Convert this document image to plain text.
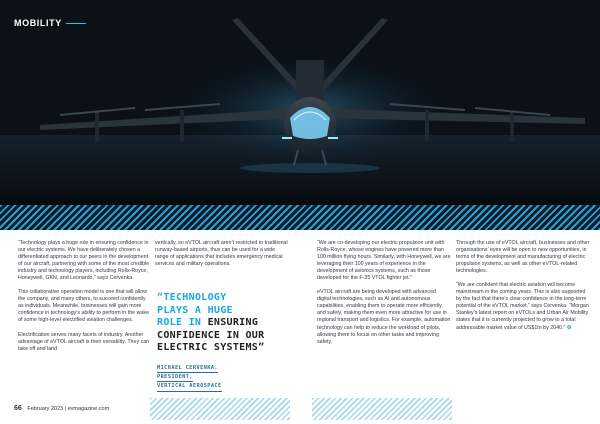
MOBILITY

“Technology plays a huge role in ensuring confidence in our electric systems. We have deliberately chosen a differentiated approach to our peers in the development of our aircraft, partnering with some of the most credible industry and technology players, including Rolls-Royce, Honeywell, GKN, and Leonardo,” says Cervenka.

This collaborative operation model is one that will allow the company, and many others, to succeed confidently as individuals. Meanwhile, businesses will gain more confidence in technology’s ability to perform in the wake of some high-level electrified aviation challenges.

Electrification serves many facets of industry. Another advantage of eVTOL aircraft is their versatility. They can take off and land

vertically, so eVTOL aircraft aren’t restricted to traditional runway-based airports, thus can be used for a wide range of applications that includes emergency medical services and military operations.

“TECHNOLOGY
PLAYS A HUGE
ROLE IN ENSURING
CONFIDENCE IN OUR
ELECTRIC SYSTEMS”
MICHAEL CERVENKA,
PRESIDENT,
VERTICAL AEROSPACE

“We are co-developing our electric propulsion unit with Rolls-Royce, whose engines have powered more than 100 million flying hours. Similarly, with Honeywell, we are leveraging their 100 years of experience in the development of avionics systems, such as those developed for the F-35 VTOL fighter jet.”

eVTOL aircraft are being developed with advanced digital technologies, such as AI and autonomous capabilities, enabling them to operate more efficiently and safely, making them even more attractive for use in regional transport and logistics. For example, automation technology can help to reduce the workload of pilots, allowing them to focus on other tasks and improving safety.

Through the use of eVTOL aircraft, businesses and other organisations’ eyes will be open to new opportunities, in terms of the development and manufacturing of electric propulsion systems, as well as other eVTOL-related technologies.

“We are confident that electric aviation will become mainstream in the coming years. This is also supported by the fact that there’s clear confidence in the long-term potential of the eVTOL market,” says Cervenka. “Morgan Stanley’s latest report on eVTOLs and Urban Air Mobility states that it is currently projected to grow to a total addressable market value of US$1tn by 2040.” ⚙

66 February 2023 | evmagazine.com
